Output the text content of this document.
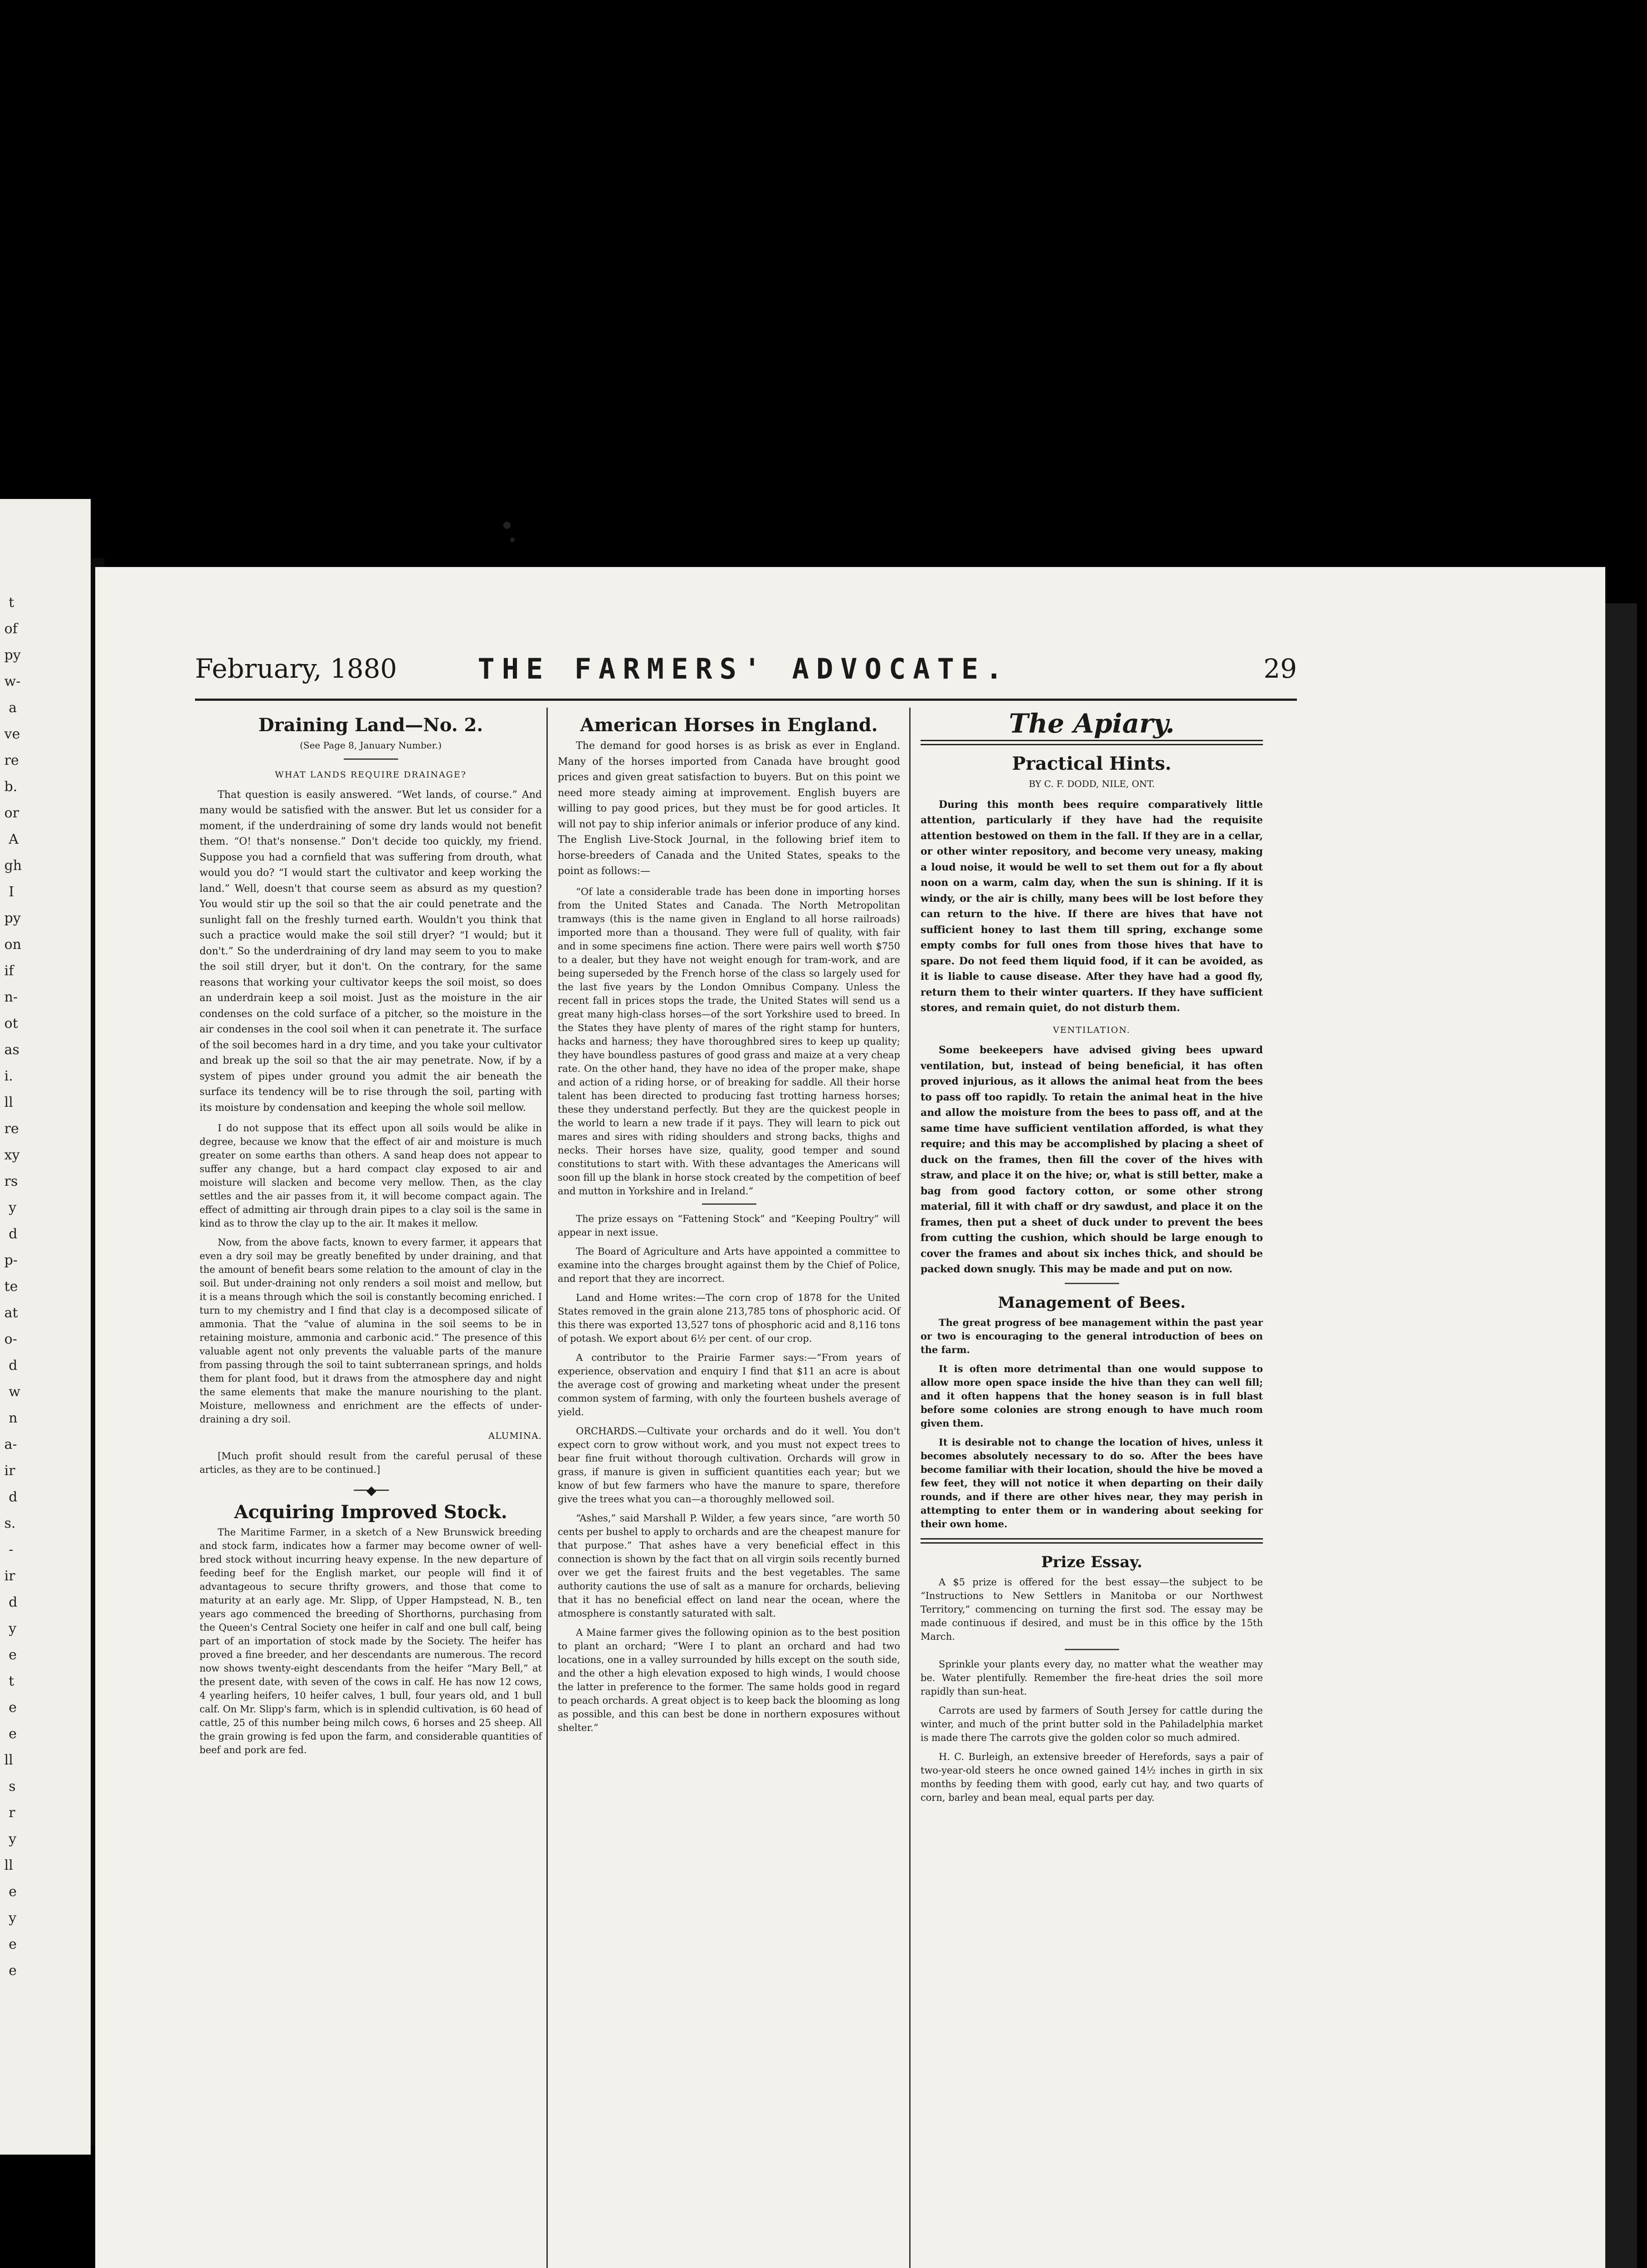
t
of
py
w-
a
ve
re
b.
or
A
gh
I
py
on
if
n-
ot
as
i.
ll
re
xy
rs
y
d
p-
te
at
o-
d
w
n
a-
ir
d
s.
-
ir
d
y
e
t
e
e
ll
s
r
y
ll
e
y
e
e
February, 1880	THE FARMERS' ADVOCATE.	29
Draining Land—No. 2.
(See Page 8, January Number.)
WHAT LANDS REQUIRE DRAINAGE?

That question is easily answered. “Wet lands, of course.” And many would be satisfied with the answer. But let us consider for a moment, if the underdraining of some dry lands would not benefit them. “O! that's nonsense.” Don't decide too quickly, my friend. Suppose you had a cornfield that was suffering from drouth, what would you do? “I would start the cultivator and keep working the land.” Well, doesn't that course seem as absurd as my question? You would stir up the soil so that the air could penetrate and the sunlight fall on the freshly turned earth. Wouldn't you think that such a practice would make the soil still dryer? “I would; but it don't.” So the underdraining of dry land may seem to you to make the soil still dryer, but it don't. On the contrary, for the same reasons that working your cultivator keeps the soil moist, so does an underdrain keep a soil moist. Just as the moisture in the air condenses on the cold surface of a pitcher, so the moisture in the air condenses in the cool soil when it can penetrate it. The surface of the soil becomes hard in a dry time, and you take your cultivator and break up the soil so that the air may penetrate. Now, if by a system of pipes under ground you admit the air beneath the surface its tendency will be to rise through the soil, parting with its moisture by condensation and keeping the whole soil mellow.

I do not suppose that its effect upon all soils would be alike in degree, because we know that the effect of air and moisture is much greater on some earths than others. A sand heap does not appear to suffer any change, but a hard compact clay exposed to air and moisture will slacken and become very mellow. Then, as the clay settles and the air passes from it, it will become compact again. The effect of admitting air through drain pipes to a clay soil is the same in kind as to throw the clay up to the air. It makes it mellow.

Now, from the above facts, known to every farmer, it appears that even a dry soil may be greatly benefited by under draining, and that the amount of benefit bears some relation to the amount of clay in the soil. But under-draining not only renders a soil moist and mellow, but it is a means through which the soil is constantly becoming enriched. I turn to my chemistry and I find that clay is a decomposed silicate of ammonia. That the “value of alumina in the soil seems to be in retaining moisture, ammonia and carbonic acid.” The presence of this valuable agent not only prevents the valuable parts of the manure from passing through the soil to taint subterranean springs, and holds them for plant food, but it draws from the atmosphere day and night the same elements that make the manure nourishing to the plant. Moisture, mellowness and enrichment are the effects of under-draining a dry soil.

ALUMINA.

[Much profit should result from the careful perusal of these articles, as they are to be continued.]

──◆──
Acquiring Improved Stock.

The Maritime Farmer, in a sketch of a New Brunswick breeding and stock farm, indicates how a farmer may become owner of well-bred stock without incurring heavy expense. In the new departure of feeding beef for the English market, our people will find it of advantageous to secure thrifty growers, and those that come to maturity at an early age. Mr. Slipp, of Upper Hampstead, N. B., ten years ago commenced the breeding of Shorthorns, purchasing from the Queen's Central Society one heifer in calf and one bull calf, being part of an importation of stock made by the Society. The heifer has proved a fine breeder, and her descendants are numerous. The record now shows twenty-eight descendants from the heifer “Mary Bell,” at the present date, with seven of the cows in calf. He has now 12 cows, 4 yearling heifers, 10 heifer calves, 1 bull, four years old, and 1 bull calf. On Mr. Slipp's farm, which is in splendid cultivation, is 60 head of cattle, 25 of this number being milch cows, 6 horses and 25 sheep. All the grain growing is fed upon the farm, and considerable quantities of beef and pork are fed.

American Horses in England.

The demand for good horses is as brisk as ever in England. Many of the horses imported from Canada have brought good prices and given great satisfaction to buyers. But on this point we need more steady aiming at improvement. English buyers are willing to pay good prices, but they must be for good articles. It will not pay to ship inferior animals or inferior produce of any kind. The English Live-Stock Journal, in the following brief item to horse-breeders of Canada and the United States, speaks to the point as follows:—

“Of late a considerable trade has been done in importing horses from the United States and Canada. The North Metropolitan tramways (this is the name given in England to all horse railroads) imported more than a thousand. They were full of quality, with fair and in some specimens fine action. There were pairs well worth $750 to a dealer, but they have not weight enough for tram-work, and are being superseded by the French horse of the class so largely used for the last five years by the London Omnibus Company. Unless the recent fall in prices stops the trade, the United States will send us a great many high-class horses—of the sort Yorkshire used to breed. In the States they have plenty of mares of the right stamp for hunters, hacks and harness; they have thoroughbred sires to keep up quality; they have boundless pastures of good grass and maize at a very cheap rate. On the other hand, they have no idea of the proper make, shape and action of a riding horse, or of breaking for saddle. All their horse talent has been directed to producing fast trotting harness horses; these they understand perfectly. But they are the quickest people in the world to learn a new trade if it pays. They will learn to pick out mares and sires with riding shoulders and strong backs, thighs and necks. Their horses have size, quality, good temper and sound constitutions to start with. With these advantages the Americans will soon fill up the blank in horse stock created by the competition of beef and mutton in Yorkshire and in Ireland.”

The prize essays on “Fattening Stock” and “Keeping Poultry” will appear in next issue.

The Board of Agriculture and Arts have appointed a committee to examine into the charges brought against them by the Chief of Police, and report that they are incorrect.

Land and Home writes:—The corn crop of 1878 for the United States removed in the grain alone 213,785 tons of phosphoric acid. Of this there was exported 13,527 tons of phosphoric acid and 8,116 tons of potash. We export about 6½ per cent. of our crop.

A contributor to the Prairie Farmer says:—“From years of experience, observation and enquiry I find that $11 an acre is about the average cost of growing and marketing wheat under the present common system of farming, with only the fourteen bushels average of yield.

ORCHARDS.—Cultivate your orchards and do it well. You don't expect corn to grow without work, and you must not expect trees to bear fine fruit without thorough cultivation. Orchards will grow in grass, if manure is given in sufficient quantities each year; but we know of but few farmers who have the manure to spare, therefore give the trees what you can—a thoroughly mellowed soil.

“Ashes,” said Marshall P. Wilder, a few years since, “are worth 50 cents per bushel to apply to orchards and are the cheapest manure for that purpose.” That ashes have a very beneficial effect in this connection is shown by the fact that on all virgin soils recently burned over we get the fairest fruits and the best vegetables. The same authority cautions the use of salt as a manure for orchards, believing that it has no beneficial effect on land near the ocean, where the atmosphere is constantly saturated with salt.

A Maine farmer gives the following opinion as to the best position to plant an orchard; “Were I to plant an orchard and had two locations, one in a valley surrounded by hills except on the south side, and the other a high elevation exposed to high winds, I would choose the latter in preference to the former. The same holds good in regard to peach orchards. A great object is to keep back the blooming as long as possible, and this can best be done in northern exposures without shelter.”

The Apiary.
Practical Hints.
BY C. F. DODD, NILE, ONT.

During this month bees require comparatively little attention, particularly if they have had the requisite attention bestowed on them in the fall. If they are in a cellar, or other winter repository, and become very uneasy, making a loud noise, it would be well to set them out for a fly about noon on a warm, calm day, when the sun is shining. If it is windy, or the air is chilly, many bees will be lost before they can return to the hive. If there are hives that have not sufficient honey to last them till spring, exchange some empty combs for full ones from those hives that have to spare. Do not feed them liquid food, if it can be avoided, as it is liable to cause disease. After they have had a good fly, return them to their winter quarters. If they have sufficient stores, and remain quiet, do not disturb them.

VENTILATION.

Some beekeepers have advised giving bees upward ventilation, but, instead of being beneficial, it has often proved injurious, as it allows the animal heat from the bees to pass off too rapidly. To retain the animal heat in the hive and allow the moisture from the bees to pass off, and at the same time have sufficient ventilation afforded, is what they require; and this may be accomplished by placing a sheet of duck on the frames, then fill the cover of the hives with straw, and place it on the hive; or, what is still better, make a bag from good factory cotton, or some other strong material, fill it with chaff or dry sawdust, and place it on the frames, then put a sheet of duck under to prevent the bees from cutting the cushion, which should be large enough to cover the frames and about six inches thick, and should be packed down snugly. This may be made and put on now.

Management of Bees.

The great progress of bee management within the past year or two is encouraging to the general introduction of bees on the farm.

It is often more detrimental than one would suppose to allow more open space inside the hive than they can well fill; and it often happens that the honey season is in full blast before some colonies are strong enough to have much room given them.

It is desirable not to change the location of hives, unless it becomes absolutely necessary to do so. After the bees have become familiar with their location, should the hive be moved a few feet, they will not notice it when departing on their daily rounds, and if there are other hives near, they may perish in attempting to enter them or in wandering about seeking for their own home.

Prize Essay.

A $5 prize is offered for the best essay—the subject to be “Instructions to New Settlers in Manitoba or our Northwest Territory,” commencing on turning the first sod. The essay may be made continuous if desired, and must be in this office by the 15th March.

Sprinkle your plants every day, no matter what the weather may be. Water plentifully. Remember the fire-heat dries the soil more rapidly than sun-heat.

Carrots are used by farmers of South Jersey for cattle during the winter, and much of the print butter sold in the Pahiladelphia market is made there The carrots give the golden color so much admired.

H. C. Burleigh, an extensive breeder of Herefords, says a pair of two-year-old steers he once owned gained 14½ inches in girth in six months by feeding them with good, early cut hay, and two quarts of corn, barley and bean meal, equal parts per day.
